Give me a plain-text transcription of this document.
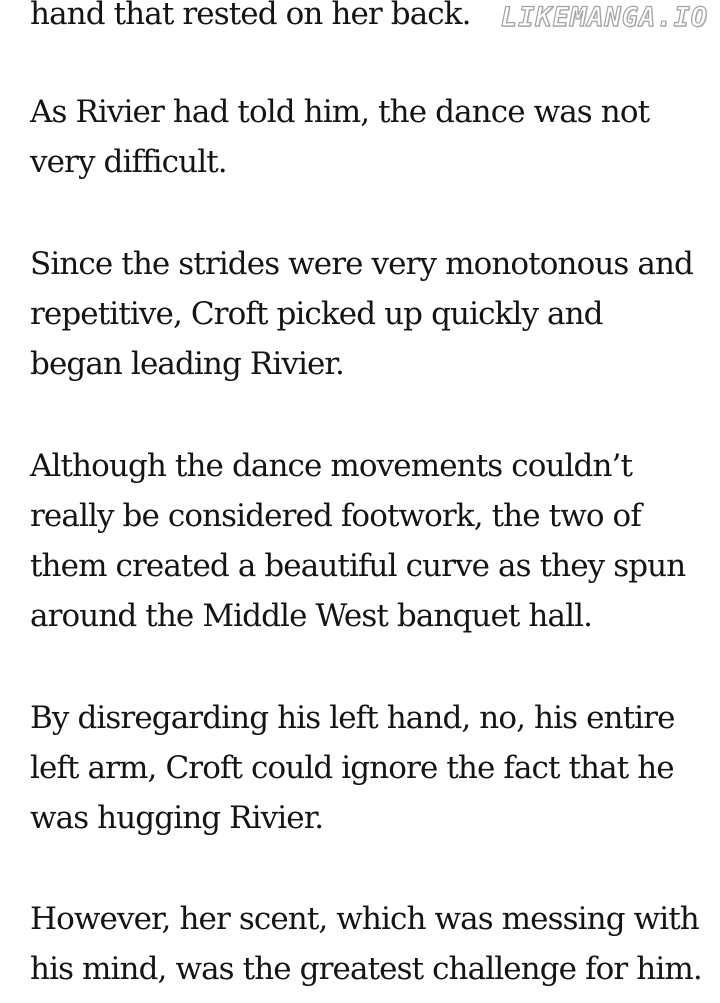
LIKEMANGA.IO

hand that rested on her back.

As Rivier had told him, the dance was not
very difficult.

Since the strides were very monotonous and
repetitive, Croft picked up quickly and
began leading Rivier.

Although the dance movements couldn’t
really be considered footwork, the two of
them created a beautiful curve as they spun
around the Middle West banquet hall.

By disregarding his left hand, no, his entire
left arm, Croft could ignore the fact that he
was hugging Rivier.

However, her scent, which was messing with
his mind, was the greatest challenge for him.
